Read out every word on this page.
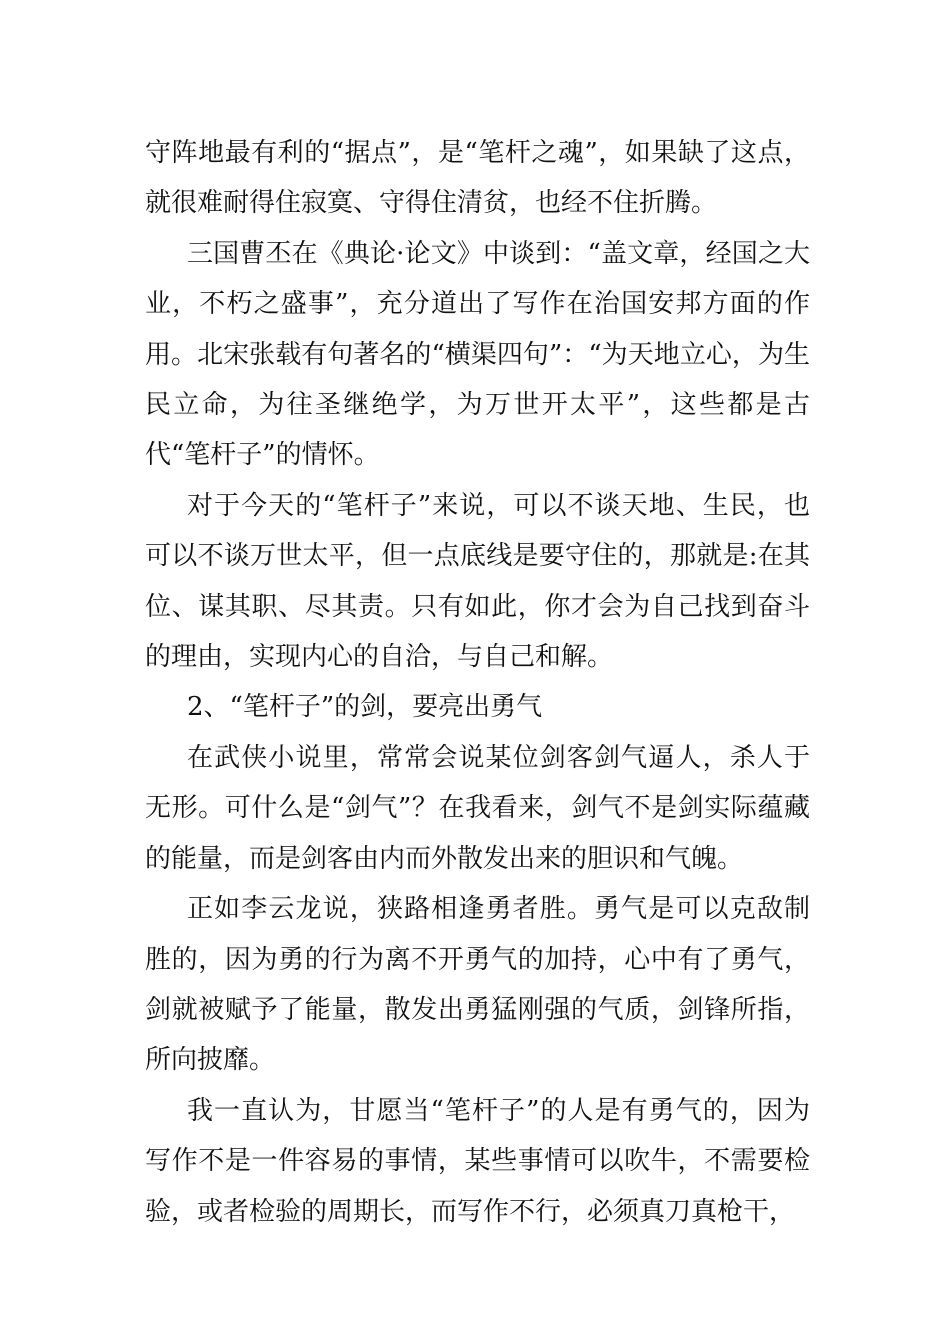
守阵地最有利的“据点”，是“笔杆之魂”，如果缺了这点，就很难耐得住寂寞、守得住清贫，也经不住折腾。

三国曹丕在《典论·论文》中谈到：“盖文章，经国之大业，不朽之盛事”，充分道出了写作在治国安邦方面的作用。北宋张载有句著名的“横渠四句”：“为天地立心，为生民立命，为往圣继绝学，为万世开太平”，这些都是古代“笔杆子”的情怀。

对于今天的“笔杆子”来说，可以不谈天地、生民，也可以不谈万世太平，但一点底线是要守住的，那就是:在其位、谋其职、尽其责。只有如此，你才会为自己找到奋斗的理由，实现内心的自洽，与自己和解。

2、“笔杆子”的剑，要亮出勇气

在武侠小说里，常常会说某位剑客剑气逼人，杀人于无形。可什么是“剑气”？在我看来，剑气不是剑实际蕴藏的能量，而是剑客由内而外散发出来的胆识和气魄。

正如李云龙说，狭路相逢勇者胜。勇气是可以克敌制胜的，因为勇的行为离不开勇气的加持，心中有了勇气，剑就被赋予了能量，散发出勇猛刚强的气质，剑锋所指，所向披靡。

我一直认为，甘愿当“笔杆子”的人是有勇气的，因为写作不是一件容易的事情，某些事情可以吹牛，不需要检验，或者检验的周期长，而写作不行，必须真刀真枪干，
